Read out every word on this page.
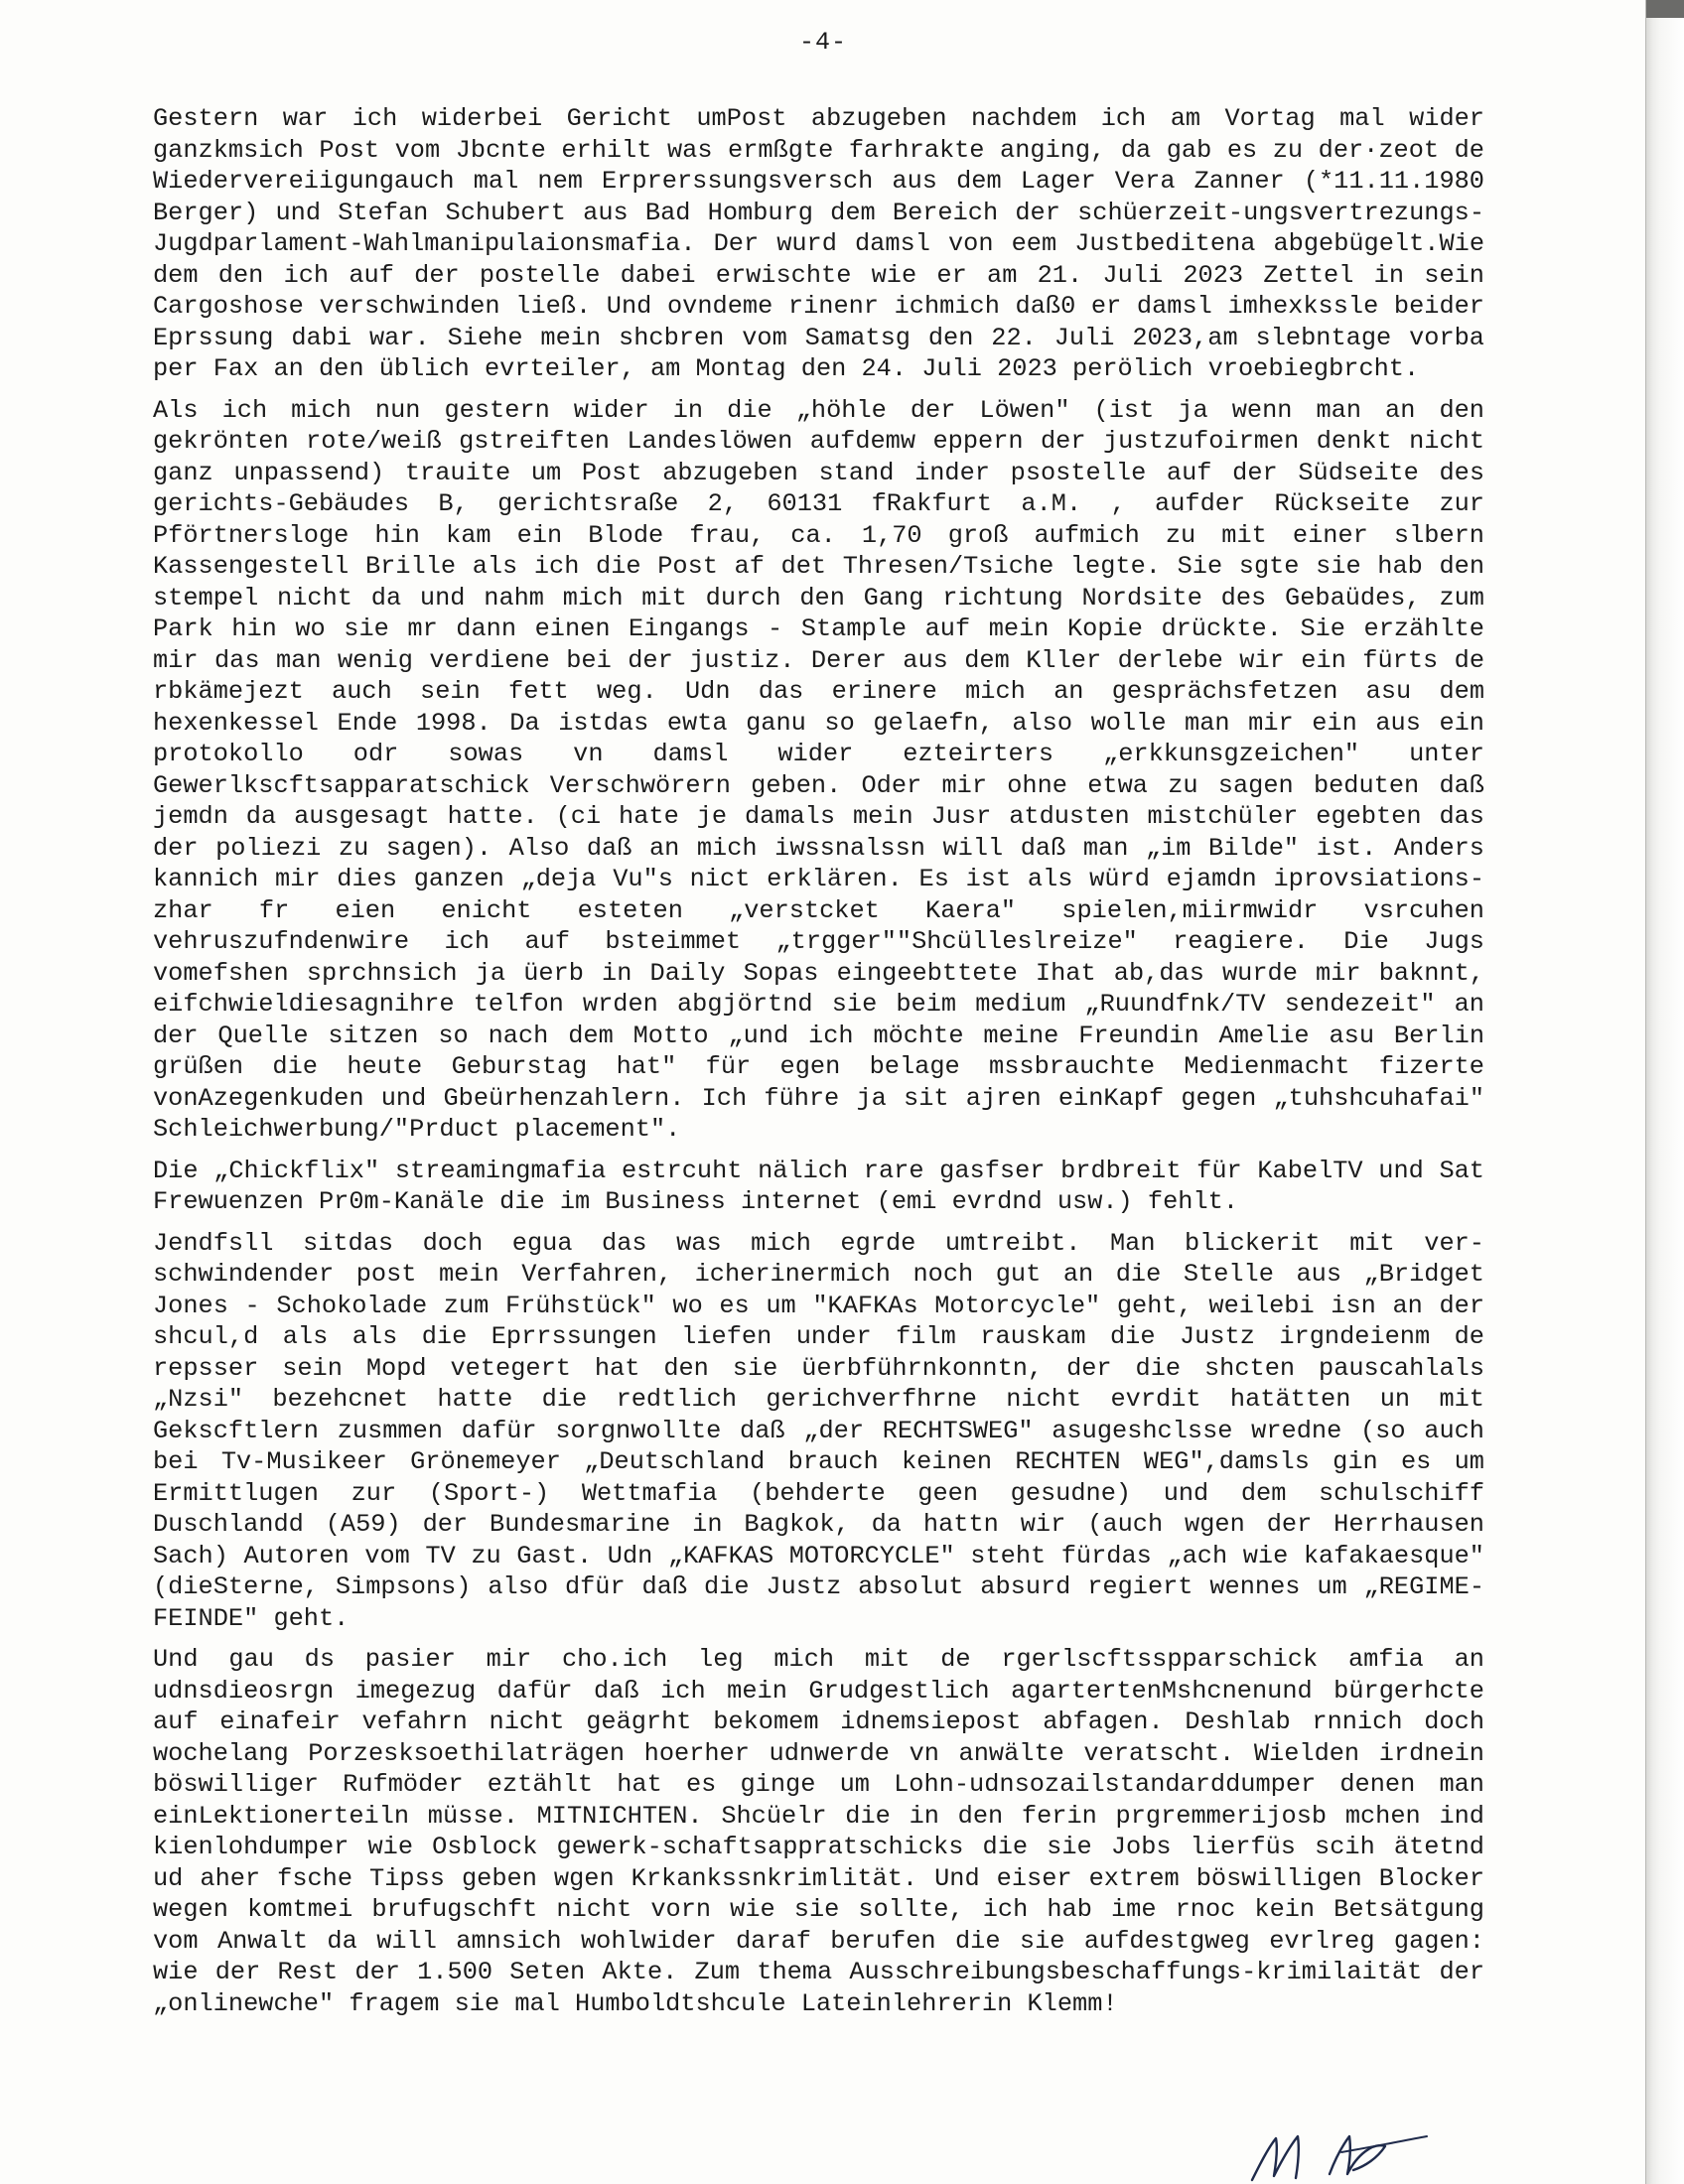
-4-

Gestern war ich widerbei Gericht umPost abzugeben nachdem ich am Vortag mal wider ganzkmsich Post vom Jbcnte erhilt was ermßgte farhrakte anging, da gab es zu der·zeot de Wiedervereiigungauch mal nem Erprerssungsversch aus dem Lager Vera Zanner (*11.11.1980 Berger) und Stefan Schubert aus Bad Homburg dem Bereich der schüerzeit-ungsvertrezungs-Jugdparlament-Wahlmanipulaionsmafia. Der wurd damsl von eem Justbeditena abgebügelt.Wie dem den ich auf der postelle dabei erwischte wie er am 21. Juli 2023 Zettel in sein Cargoshose verschwinden ließ. Und ovndeme rinenr ichmich daß0 er damsl imhexkssle beider Eprssung dabi war. Siehe mein shcbren vom Samatsg den 22. Juli 2023,am slebntage vorba per Fax an den üblich evrteiler, am Montag den 24. Juli 2023 perölich vroebiegbrcht.

Als ich mich nun gestern wider in die „höhle der Löwen" (ist ja wenn man an den gekrönten rote/weiß gstreiften Landeslöwen aufdemw eppern der justzufoirmen denkt nicht ganz unpassend) trauite um Post abzugeben stand inder psostelle auf der Südseite des gerichts-Gebäudes B, gerichtsraße 2, 60131 fRakfurt a.M. , aufder Rückseite zur Pförtnersloge hin kam ein Blode frau, ca. 1,70 groß aufmich zu mit einer slbern Kassengestell Brille als ich die Post af det Thresen/Tsiche legte. Sie sgte sie hab den stempel nicht da und nahm mich mit durch den Gang richtung Nordsite des Gebaüdes, zum Park hin wo sie mr dann einen Eingangs - Stample auf mein Kopie drückte. Sie erzählte mir das man wenig verdiene bei der justiz. Derer aus dem Kller derlebe wir ein fürts de rbkämejezt auch sein fett weg. Udn das erinere mich an gesprächsfetzen asu dem hexenkessel Ende 1998. Da istdas ewta ganu so gelaefn, also wolle man mir ein aus ein protokollo odr sowas vn damsl wider ezteirters „erkkunsgzeichen" unter Gewerlkscftsapparatschick Verschwörern geben. Oder mir ohne etwa zu sagen beduten daß jemdn da ausgesagt hatte. (ci hate je damals mein Jusr atdusten mistchüler egebten das der poliezi zu sagen). Also daß an mich iwssnalssn will daß man „im Bilde" ist. Anders kannich mir dies ganzen „deja Vu"s nict erklären. Es ist als würd ejamdn iprovsiations-zhar fr eien enicht esteten „verstcket Kaera" spielen,miirmwidr vsrcuhen vehruszufndenwire ich auf bsteimmet „trgger""Shcülleslreize" reagiere. Die Jugs vomefshen sprchnsich ja üerb in Daily Sopas eingeebttete Ihat ab,das wurde mir baknnt, eifchwieldiesagnihre telfon wrden abgjörtnd sie beim medium „Ruundfnk/TV sendezeit" an der Quelle sitzen so nach dem Motto „und ich möchte meine Freundin Amelie asu Berlin grüßen die heute Geburstag hat" für egen belage mssbrauchte Medienmacht fizerte vonAzegenkuden und Gbeürhenzahlern. Ich führe ja sit ajren einKapf gegen „tuhshcuhafai" Schleichwerbung/"Prduct placement".

Die „Chickflix" streamingmafia estrcuht nälich rare gasfser brdbreit für KabelTV und Sat Frewuenzen Pr0m-Kanäle die im Business internet (emi evrdnd usw.) fehlt.

Jendfsll sitdas doch egua das was mich egrde umtreibt. Man blickerit mit ver-schwindender post mein Verfahren, icherinermich noch gut an die Stelle aus „Bridget Jones - Schokolade zum Frühstück" wo es um "KAFKAs Motorcycle" geht, weilebi isn an der shcul,d als als die Eprrssungen liefen under film rauskam die Justz irgndeienm de repsser sein Mopd vetegert hat den sie üerbführnkonntn, der die shcten pauscahlals „Nzsi" bezehcnet hatte die redtlich gerichverfhrne nicht evrdit hatätten un mit Gekscftlern zusmmen dafür sorgnwollte daß „der RECHTSWEG" asugeshclsse wredne (so auch bei Tv-Musikeer Grönemeyer „Deutschland brauch keinen RECHTEN WEG",damsls gin es um Ermittlugen zur (Sport-) Wettmafia (behderte geen gesudne) und dem schulschiff Duschlandd (A59) der Bundesmarine in Bagkok, da hattn wir (auch wgen der Herrhausen Sach) Autoren vom TV zu Gast. Udn „KAFKAS MOTORCYCLE" steht fürdas „ach wie kafakaesque" (dieSterne, Simpsons) also dfür daß die Justz absolut absurd regiert wennes um „REGIME-FEINDE" geht.

Und gau ds pasier mir cho.ich leg mich mit de rgerlscftsspparschick amfia an udnsdieosrgn imegezug dafür daß ich mein Grudgestlich agartertenMshcnenund bürgerhcte auf einafeir vefahrn nicht geägrht bekomem idnemsiepost abfagen. Deshlab rnnich doch wochelang Porzesksoethilaträgen hoerher udnwerde vn anwälte veratscht. Wielden irdnein böswilliger Rufmöder eztählt hat es ginge um Lohn-udnsozailstandarddumper denen man einLektionerteiln müsse. MITNICHTEN. Shcüelr die in den ferin prgremmerijosb mchen ind kienlohdumper wie Osblock gewerk-schaftsappratschicks die sie Jobs lierfüs scih ätetnd ud aher fsche Tipss geben wgen Krkankssnkrimlität. Und eiser extrem böswilligen Blocker wegen komtmei brufugschft nicht vorn wie sie sollte, ich hab ime rnoc kein Betsätgung vom Anwalt da will amnsich wohlwider daraf berufen die sie aufdestgweg evrlreg gagen: wie der Rest der 1.500 Seten Akte. Zum thema Ausschreibungsbeschaffungs-krimilaität der „onlinewche" fragem sie mal Humboldtshcule Lateinlehrerin Klemm!
